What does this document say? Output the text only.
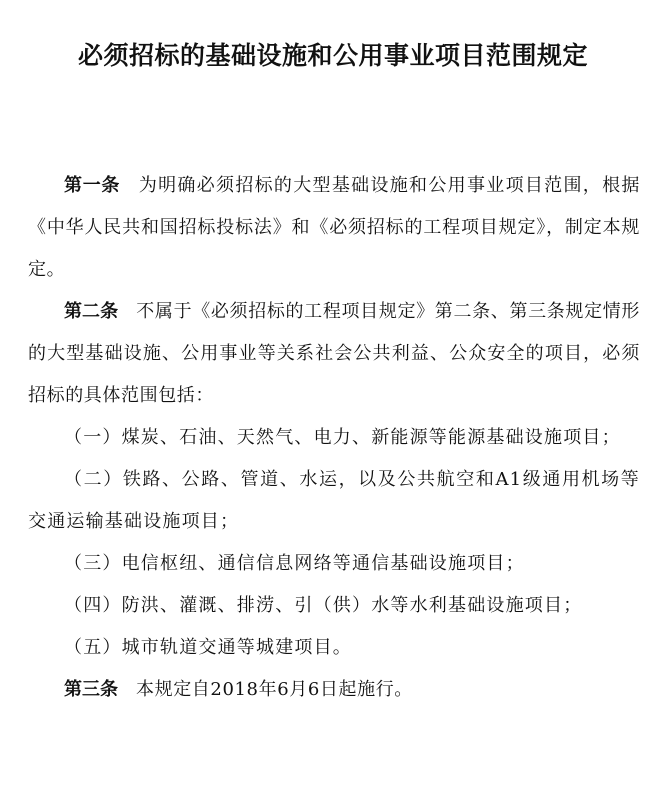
必须招标的基础设施和公用事业项目范围规定

第一条 为明确必须招标的大型基础设施和公用事业项目范围，根据《中华人民共和国招标投标法》和《必须招标的工程项目规定》，制定本规定。

第二条 不属于《必须招标的工程项目规定》第二条、第三条规定情形的大型基础设施、公用事业等关系社会公共利益、公众安全的项目，必须招标的具体范围包括：

（一）煤炭、石油、天然气、电力、新能源等能源基础设施项目；

（二）铁路、公路、管道、水运，以及公共航空和A1级通用机场等交通运输基础设施项目；

（三）电信枢纽、通信信息网络等通信基础设施项目；

（四）防洪、灌溉、排涝、引（供）水等水利基础设施项目；

（五）城市轨道交通等城建项目。

第三条 本规定自2018年6月6日起施行。
